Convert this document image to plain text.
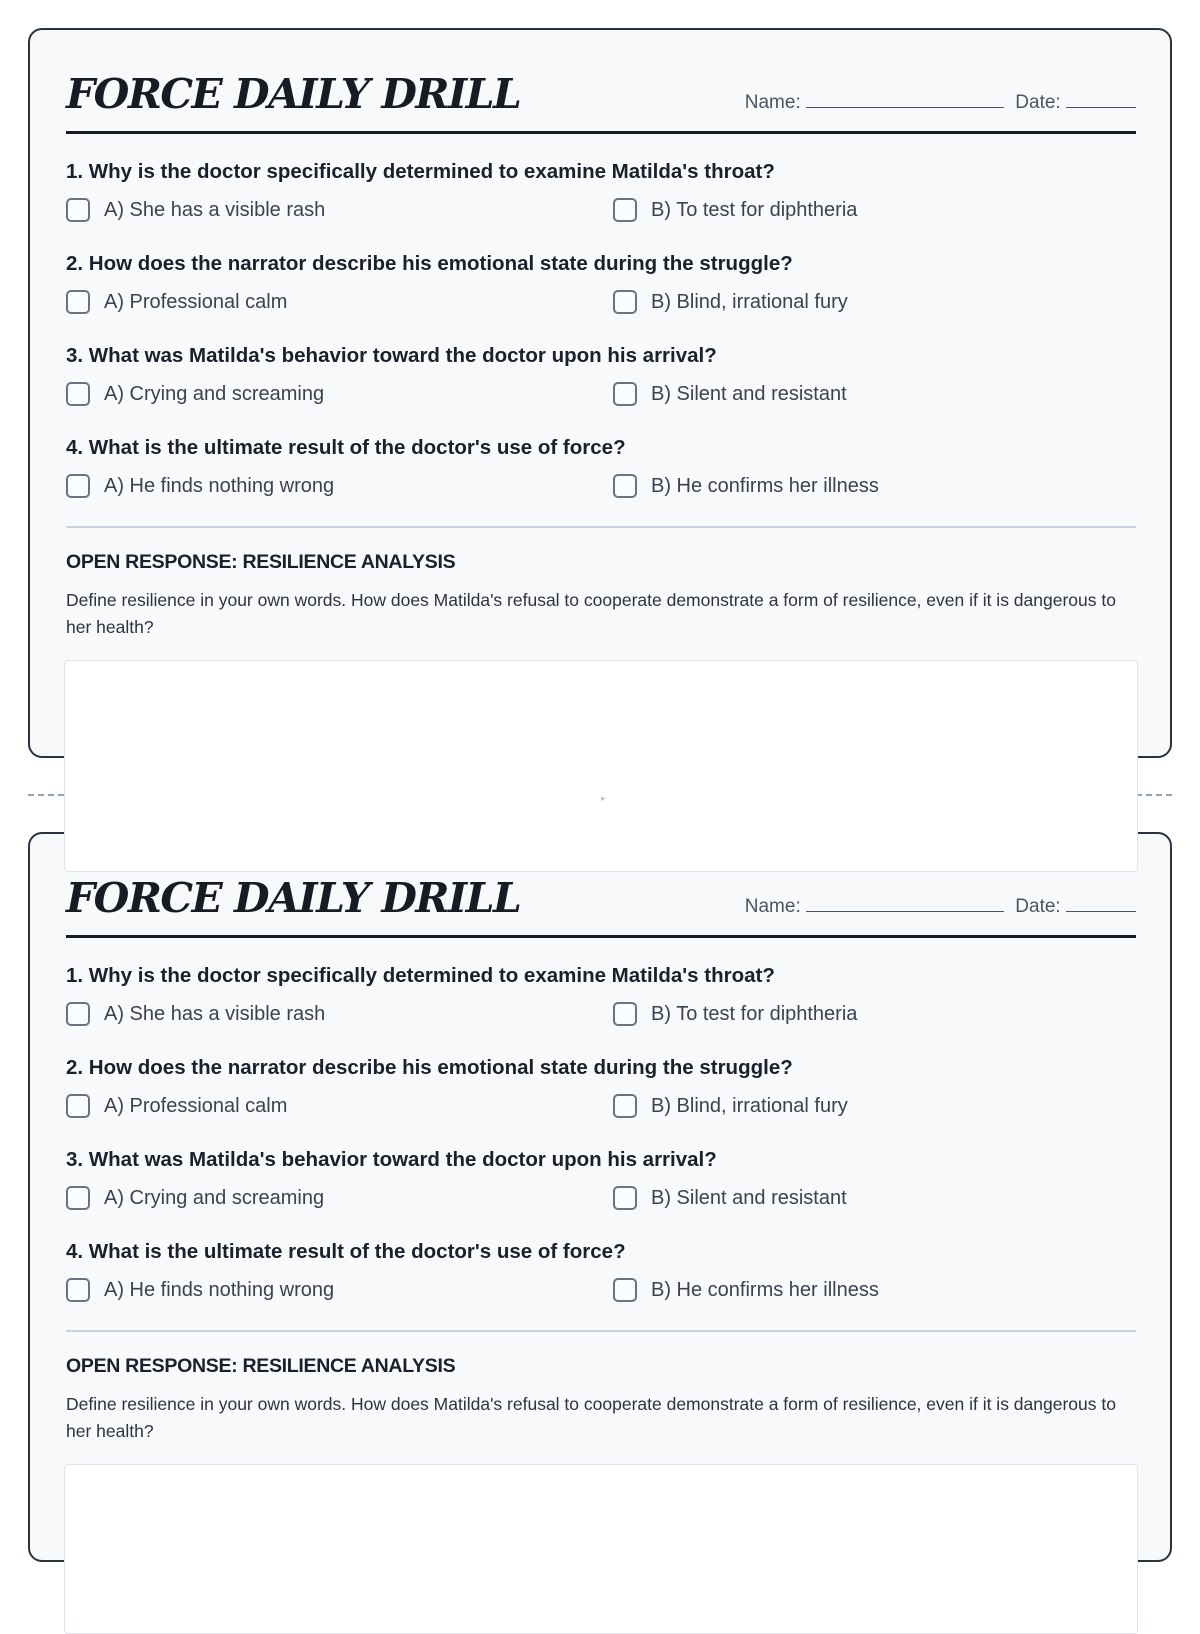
FORCE DAILY DRILL	Name:	Date:
1. Why is the doctor specifically determined to examine Matilda's throat?
A) She has a visible rash	B) To test for diphtheria
2. How does the narrator describe his emotional state during the struggle?
A) Professional calm	B) Blind, irrational fury
3. What was Matilda's behavior toward the doctor upon his arrival?
A) Crying and screaming	B) Silent and resistant
4. What is the ultimate result of the doctor's use of force?
A) He finds nothing wrong	B) He confirms her illness
OPEN RESPONSE: RESILIENCE ANALYSIS
Define resilience in your own words. How does Matilda's refusal to cooperate demonstrate a form of resilience, even if it is dangerous to her health?
FORCE DAILY DRILL	Name:	Date:
1. Why is the doctor specifically determined to examine Matilda's throat?
A) She has a visible rash	B) To test for diphtheria
2. How does the narrator describe his emotional state during the struggle?
A) Professional calm	B) Blind, irrational fury
3. What was Matilda's behavior toward the doctor upon his arrival?
A) Crying and screaming	B) Silent and resistant
4. What is the ultimate result of the doctor's use of force?
A) He finds nothing wrong	B) He confirms her illness
OPEN RESPONSE: RESILIENCE ANALYSIS
Define resilience in your own words. How does Matilda's refusal to cooperate demonstrate a form of resilience, even if it is dangerous to her health?
▸
